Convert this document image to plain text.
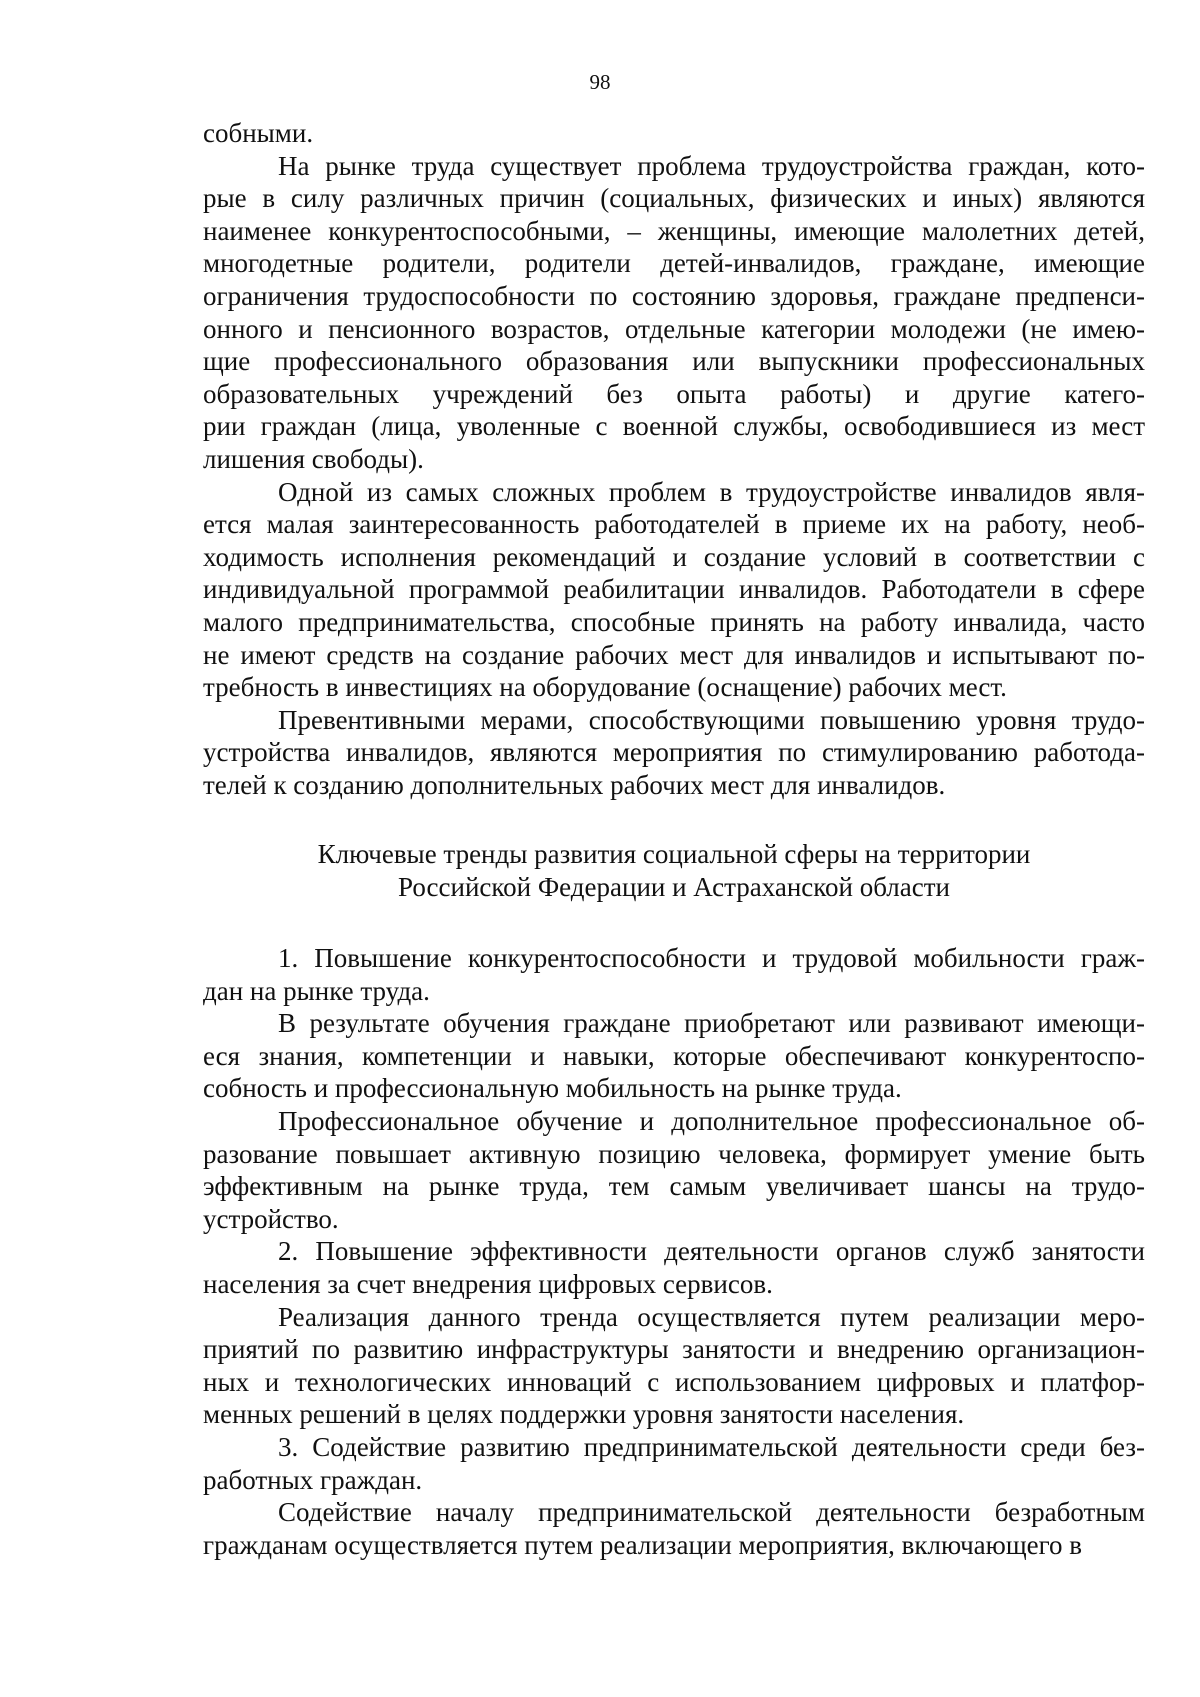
98
собными.
На рынке труда существует проблема трудоустройства граждан, кото-
рые в силу различных причин (социальных, физических и иных) являются
наименее конкурентоспособными, – женщины, имеющие малолетних детей,
многодетные родители, родители детей-инвалидов, граждане, имеющие
ограничения трудоспособности по состоянию здоровья, граждане предпенси-
онного и пенсионного возрастов, отдельные категории молодежи (не имею-
щие профессионального образования или выпускники профессиональных
образовательных учреждений без опыта работы) и другие катего-
рии граждан (лица, уволенные с военной службы, освободившиеся из мест
лишения свободы).
Одной из самых сложных проблем в трудоустройстве инвалидов явля-
ется малая заинтересованность работодателей в приеме их на работу, необ-
ходимость исполнения рекомендаций и создание условий в соответствии с
индивидуальной программой реабилитации инвалидов. Работодатели в сфере
малого предпринимательства, способные принять на работу инвалида, часто
не имеют средств на создание рабочих мест для инвалидов и испытывают по-
требность в инвестициях на оборудование (оснащение) рабочих мест.
Превентивными мерами, способствующими повышению уровня трудо-
устройства инвалидов, являются мероприятия по стимулированию работода-
телей к созданию дополнительных рабочих мест для инвалидов.
Ключевые тренды развития социальной сферы на территории
Российской Федерации и Астраханской области
1. Повышение конкурентоспособности и трудовой мобильности граж-
дан на рынке труда.
В результате обучения граждане приобретают или развивают имеющи-
еся знания, компетенции и навыки, которые обеспечивают конкурентоспо-
собность и профессиональную мобильность на рынке труда.
Профессиональное обучение и дополнительное профессиональное об-
разование повышает активную позицию человека, формирует умение быть
эффективным на рынке труда, тем самым увеличивает шансы на трудо-
устройство.
2. Повышение эффективности деятельности органов служб занятости
населения за счет внедрения цифровых сервисов.
Реализация данного тренда осуществляется путем реализации меро-
приятий по развитию инфраструктуры занятости и внедрению организацион-
ных и технологических инноваций с использованием цифровых и платфор-
менных решений в целях поддержки уровня занятости населения.
3. Содействие развитию предпринимательской деятельности среди без-
работных граждан.
Содействие началу предпринимательской деятельности безработным
гражданам осуществляется путем реализации мероприятия, включающего в
